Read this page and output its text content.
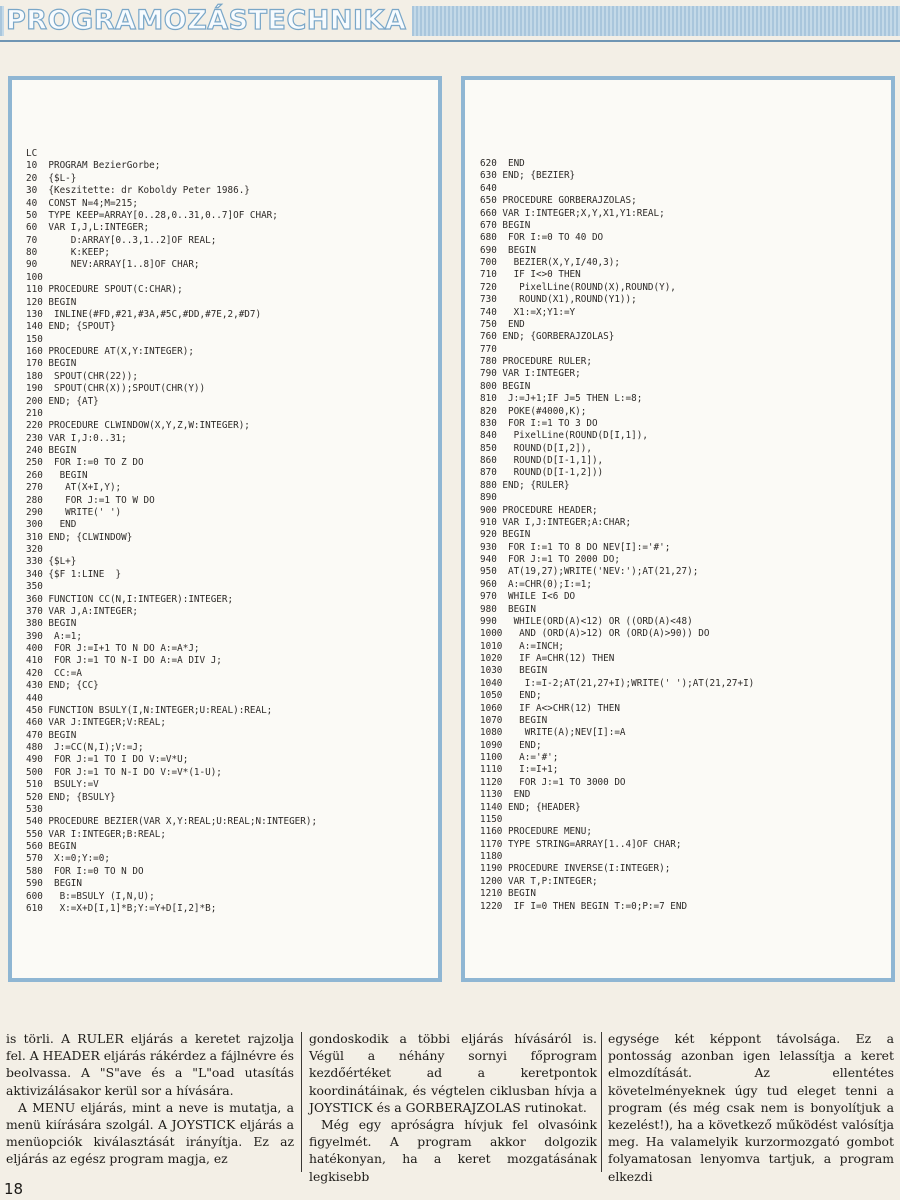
PROGRAMOZÁSTECHNIKA
LC
10  PROGRAM BezierGorbe;
20  {$L-}
30  {Keszitette: dr Koboldy Peter 1986.}
40  CONST N=4;M=215;
50  TYPE KEEP=ARRAY[0..28,0..31,0..7]OF CHAR;
60  VAR I,J,L:INTEGER;
70      D:ARRAY[0..3,1..2]OF REAL;
80      K:KEEP;
90      NEV:ARRAY[1..8]OF CHAR;
100
110 PROCEDURE SPOUT(C:CHAR);
120 BEGIN
130  INLINE(#FD,#21,#3A,#5C,#DD,#7E,2,#D7)
140 END; {SPOUT}
150
160 PROCEDURE AT(X,Y:INTEGER);
170 BEGIN
180  SPOUT(CHR(22));
190  SPOUT(CHR(X));SPOUT(CHR(Y))
200 END; {AT}
210
220 PROCEDURE CLWINDOW(X,Y,Z,W:INTEGER);
230 VAR I,J:0..31;
240 BEGIN
250  FOR I:=0 TO Z DO
260   BEGIN
270    AT(X+I,Y);
280    FOR J:=1 TO W DO
290    WRITE(' ')
300   END
310 END; {CLWINDOW}
320
330 {$L+}
340 {$F 1:LINE  }
350
360 FUNCTION CC(N,I:INTEGER):INTEGER;
370 VAR J,A:INTEGER;
380 BEGIN
390  A:=1;
400  FOR J:=I+1 TO N DO A:=A*J;
410  FOR J:=1 TO N-I DO A:=A DIV J;
420  CC:=A
430 END; {CC}
440
450 FUNCTION BSULY(I,N:INTEGER;U:REAL):REAL;
460 VAR J:INTEGER;V:REAL;
470 BEGIN
480  J:=CC(N,I);V:=J;
490  FOR J:=1 TO I DO V:=V*U;
500  FOR J:=1 TO N-I DO V:=V*(1-U);
510  BSULY:=V
520 END; {BSULY}
530
540 PROCEDURE BEZIER(VAR X,Y:REAL;U:REAL;N:INTEGER);
550 VAR I:INTEGER;B:REAL;
560 BEGIN
570  X:=0;Y:=0;
580  FOR I:=0 TO N DO
590  BEGIN
600   B:=BSULY (I,N,U);
610   X:=X+D[I,1]*B;Y:=Y+D[I,2]*B;
620  END
630 END; {BEZIER}
640
650 PROCEDURE GORBERAJZOLAS;
660 VAR I:INTEGER;X,Y,X1,Y1:REAL;
670 BEGIN
680  FOR I:=0 TO 40 DO
690  BEGIN
700   BEZIER(X,Y,I/40,3);
710   IF I<>0 THEN
720    PixelLine(ROUND(X),ROUND(Y),
730    ROUND(X1),ROUND(Y1));
740   X1:=X;Y1:=Y
750  END
760 END; {GORBERAJZOLAS}
770
780 PROCEDURE RULER;
790 VAR I:INTEGER;
800 BEGIN
810  J:=J+1;IF J=5 THEN L:=8;
820  POKE(#4000,K);
830  FOR I:=1 TO 3 DO
840   PixelLine(ROUND(D[I,1]),
850   ROUND(D[I,2]),
860   ROUND(D[I-1,1]),
870   ROUND(D[I-1,2]))
880 END; {RULER}
890
900 PROCEDURE HEADER;
910 VAR I,J:INTEGER;A:CHAR;
920 BEGIN
930  FOR I:=1 TO 8 DO NEV[I]:='#';
940  FOR J:=1 TO 2000 DO;
950  AT(19,27);WRITE('NEV:');AT(21,27);
960  A:=CHR(0);I:=1;
970  WHILE I<6 DO
980  BEGIN
990   WHILE(ORD(A)<12) OR ((ORD(A)<48)
1000   AND (ORD(A)>12) OR (ORD(A)>90)) DO
1010   A:=INCH;
1020   IF A=CHR(12) THEN
1030   BEGIN
1040    I:=I-2;AT(21,27+I);WRITE(' ');AT(21,27+I)
1050   END;
1060   IF A<>CHR(12) THEN
1070   BEGIN
1080    WRITE(A);NEV[I]:=A
1090   END;
1100   A:='#';
1110   I:=I+1;
1120   FOR J:=1 TO 3000 DO
1130  END
1140 END; {HEADER}
1150
1160 PROCEDURE MENU;
1170 TYPE STRING=ARRAY[1..4]OF CHAR;
1180
1190 PROCEDURE INVERSE(I:INTEGER);
1200 VAR T,P:INTEGER;
1210 BEGIN
1220  IF I=0 THEN BEGIN T:=0;P:=7 END

is törli. A RULER eljárás a keretet rajzolja fel. A HEADER eljárás rákérdez a fájlnévre és beolvassa. A "S"ave és a "L"oad utasítás aktivizálásakor kerül sor a hívására.

A MENU eljárás, mint a neve is mutatja, a menü kiírására szolgál. A JOYSTICK eljárás a menüopciók kiválasztását irányítja. Ez az eljárás az egész program magja, ez

gondoskodik a többi eljárás hívásáról is. Végül a néhány sornyi főprogram kezdőértéket ad a keretpontok koordinátáinak, és végtelen ciklusban hívja a JOYSTICK és a GORBERAJZOLAS rutinokat.

Még egy apróságra hívjuk fel olvasóink figyelmét. A program akkor dolgozik hatékonyan, ha a keret mozgatásának legkisebb

egysége két képpont távolsága. Ez a pontosság azonban igen lelassítja a keret elmozdítását. Az ellentétes követelményeknek úgy tud eleget tenni a program (és még csak nem is bonyolítjuk a kezelést!), ha a következő működést valósítja meg. Ha valamelyik kurzormozgató gombot folyamatosan lenyomva tartjuk, a program elkezdi

18
